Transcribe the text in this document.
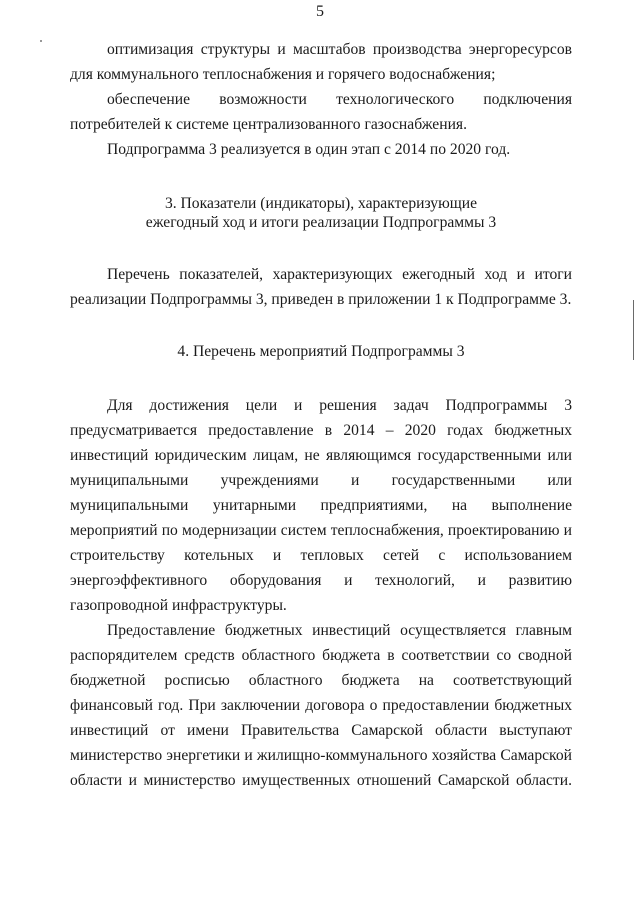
5

оптимизация структуры и масштабов производства энергоресурсов для коммунального теплоснабжения и горячего водоснабжения;

обеспечение возможности технологического подключения потребителей к системе централизованного газоснабжения.

Подпрограмма 3 реализуется в один этап с 2014 по 2020 год.

3. Показатели (индикаторы), характеризующие

ежегодный ход и итоги реализации Подпрограммы 3

Перечень показателей, характеризующих ежегодный ход и итоги реализации Подпрограммы 3, приведен в приложении 1 к Подпрограмме 3.

4. Перечень мероприятий Подпрограммы 3

Для достижения цели и решения задач Подпрограммы 3 предусматривается предоставление в 2014 – 2020 годах бюджетных инвестиций юридическим лицам, не являющимся государственными или муниципальными учреждениями и государственными или муниципальными унитарными предприятиями, на выполнение мероприятий по модернизации систем теплоснабжения, проектированию и строительству котельных и тепловых сетей с использованием энергоэффективного оборудования и технологий, и развитию газопроводной инфраструктуры.

Предоставление бюджетных инвестиций осуществляется главным распорядителем средств областного бюджета в соответствии со сводной бюджетной росписью областного бюджета на соответствующий финансовый год. При заключении договора о предоставлении бюджетных инвестиций от имени Правительства Самарской области выступают министерство энергетики и жилищно-коммунального хозяйства Самарской области и министерство имущественных отношений Самарской области.
